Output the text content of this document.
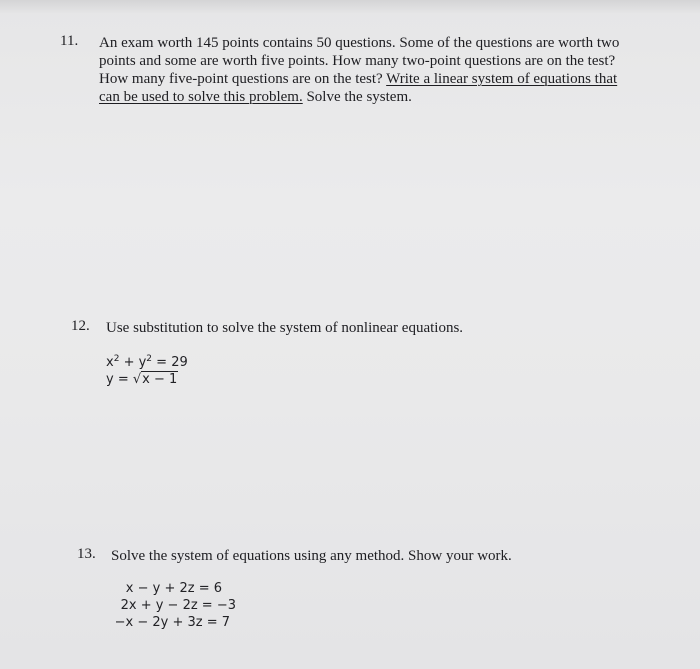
11. An exam worth 145 points contains 50 questions. Some of the questions are worth two
points and some are worth five points. How many two-point questions are on the test?
How many five-point questions are on the test? Write a linear system of equations that
can be used to solve this problem. Solve the system.
12. Use substitution to solve the system of nonlinear equations.
$x^2 + y^2 = 29$
y = √x − 1
13. Solve the system of equations using any method. Show your work.
x − y + 2z = 6
2x + y − 2z = −3
−x − 2y + 3z = 7
